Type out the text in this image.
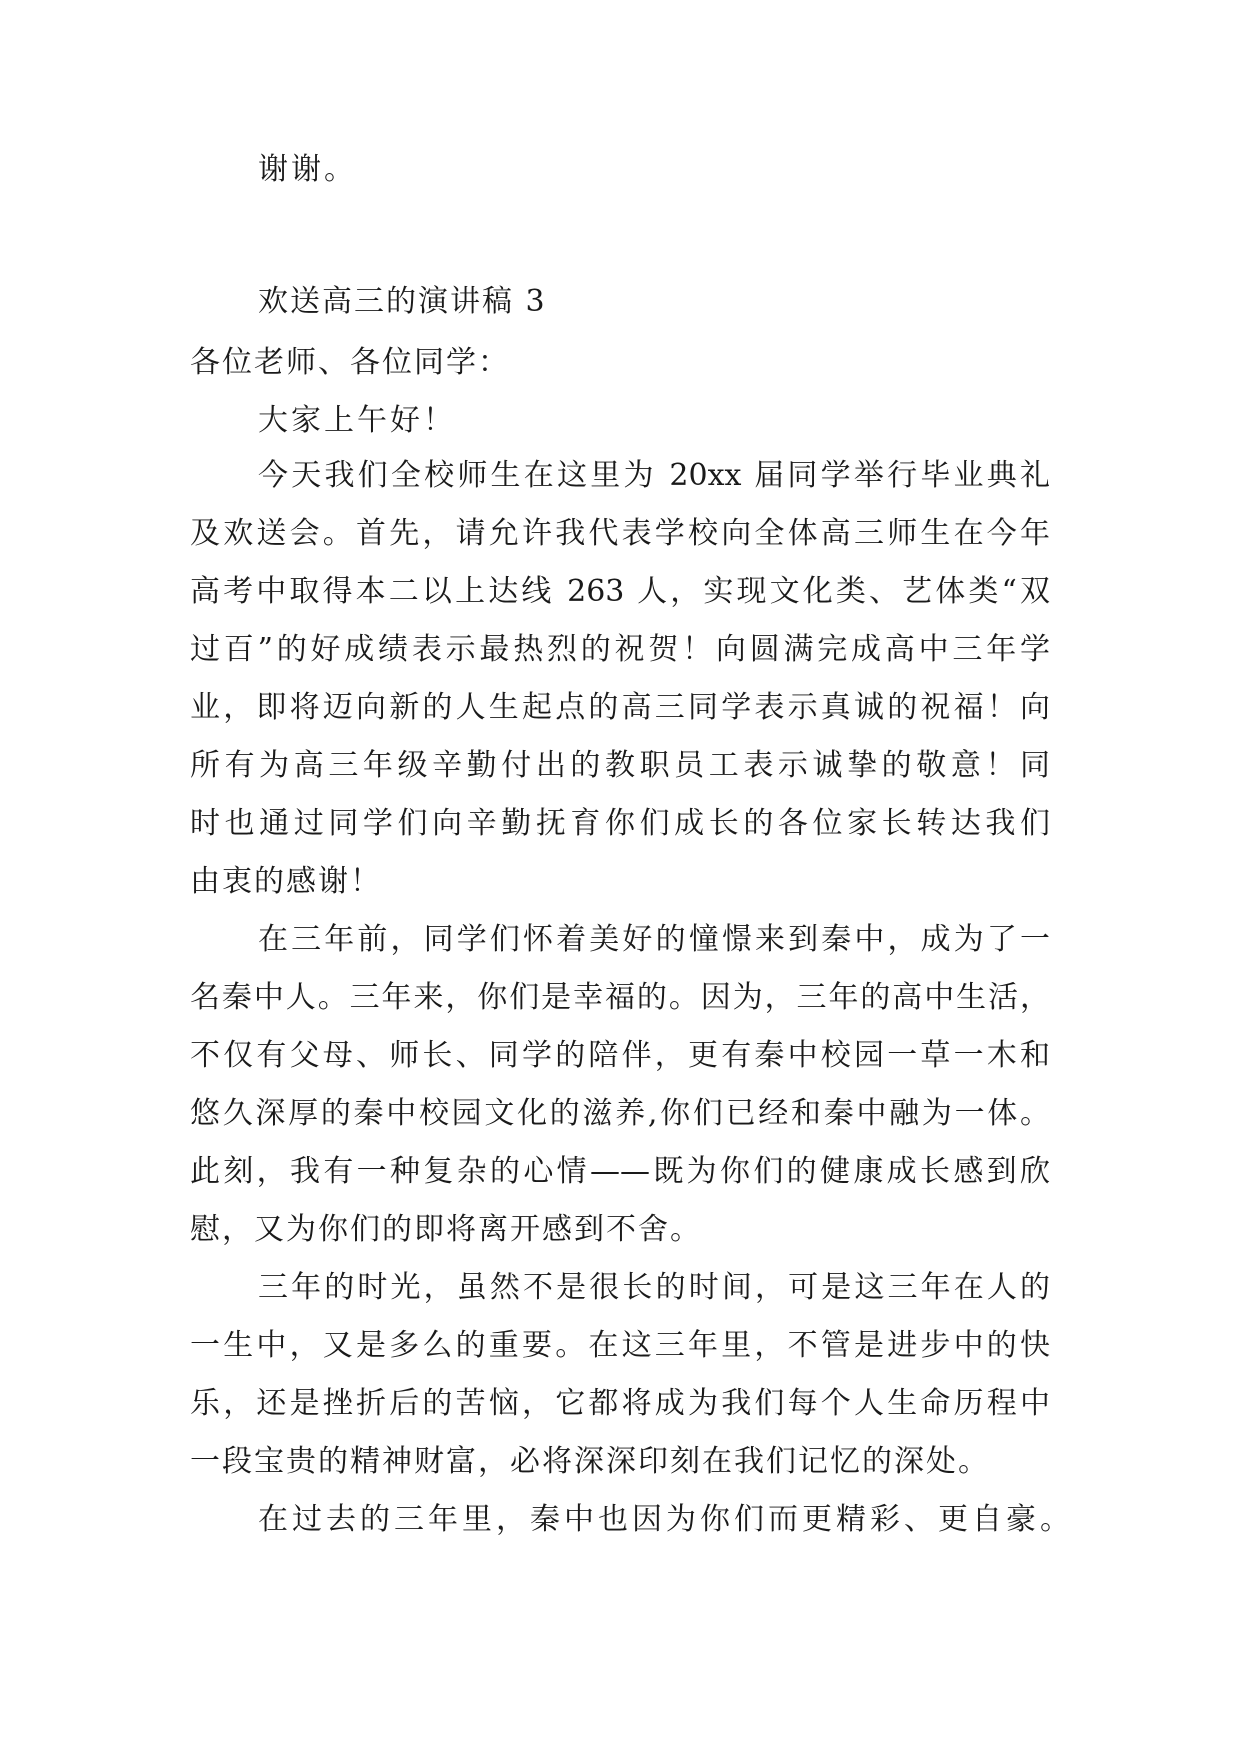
谢谢。

欢送高三的演讲稿 3

各位老师、各位同学：

大家上午好！

今天我们全校师生在这里为 20xx 届同学举行毕业典礼

及欢送会。首先，请允许我代表学校向全体高三师生在今年

高考中取得本二以上达线 263 人，实现文化类、艺体类“双

过百”的好成绩表示最热烈的祝贺！向圆满完成高中三年学

业，即将迈向新的人生起点的高三同学表示真诚的祝福！向

所有为高三年级辛勤付出的教职员工表示诚挚的敬意！同

时也通过同学们向辛勤抚育你们成长的各位家长转达我们

由衷的感谢！

在三年前，同学们怀着美好的憧憬来到秦中，成为了一

名秦中人。三年来，你们是幸福的。因为，三年的高中生活，

不仅有父母、师长、同学的陪伴，更有秦中校园一草一木和

悠久深厚的秦中校园文化的滋养,你们已经和秦中融为一体。

此刻，我有一种复杂的心情——既为你们的健康成长感到欣

慰，又为你们的即将离开感到不舍。

三年的时光，虽然不是很长的时间，可是这三年在人的

一生中，又是多么的重要。在这三年里，不管是进步中的快

乐，还是挫折后的苦恼，它都将成为我们每个人生命历程中

一段宝贵的精神财富，必将深深印刻在我们记忆的深处。

在过去的三年里，秦中也因为你们而更精彩、更自豪。
